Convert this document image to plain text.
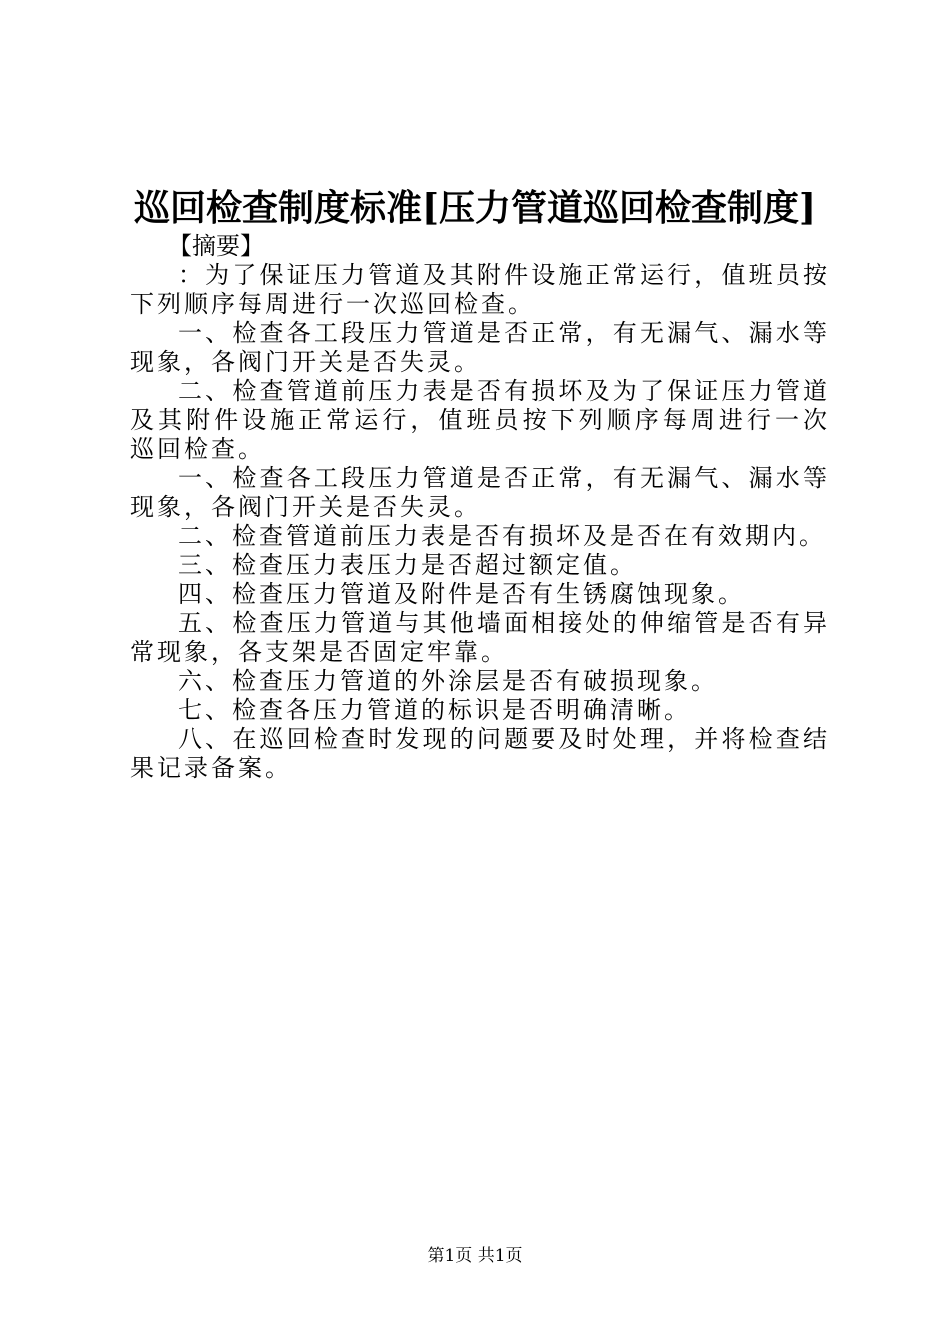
巡回检查制度标准[压力管道巡回检查制度]

【摘要】

：为了保证压力管道及其附件设施正常运行，值班员按下列顺序每周进行一次巡回检查。

一、检查各工段压力管道是否正常，有无漏气、漏水等现象，各阀门开关是否失灵。

二、检查管道前压力表是否有损坏及为了保证压力管道及其附件设施正常运行，值班员按下列顺序每周进行一次巡回检查。

一、检查各工段压力管道是否正常，有无漏气、漏水等现象，各阀门开关是否失灵。

二、检查管道前压力表是否有损坏及是否在有效期内。

三、检查压力表压力是否超过额定值。

四、检查压力管道及附件是否有生锈腐蚀现象。

五、检查压力管道与其他墙面相接处的伸缩管是否有异常现象，各支架是否固定牢靠。

六、检查压力管道的外涂层是否有破损现象。

七、检查各压力管道的标识是否明确清晰。

八、在巡回检查时发现的问题要及时处理，并将检查结果记录备案。

第1页 共1页
